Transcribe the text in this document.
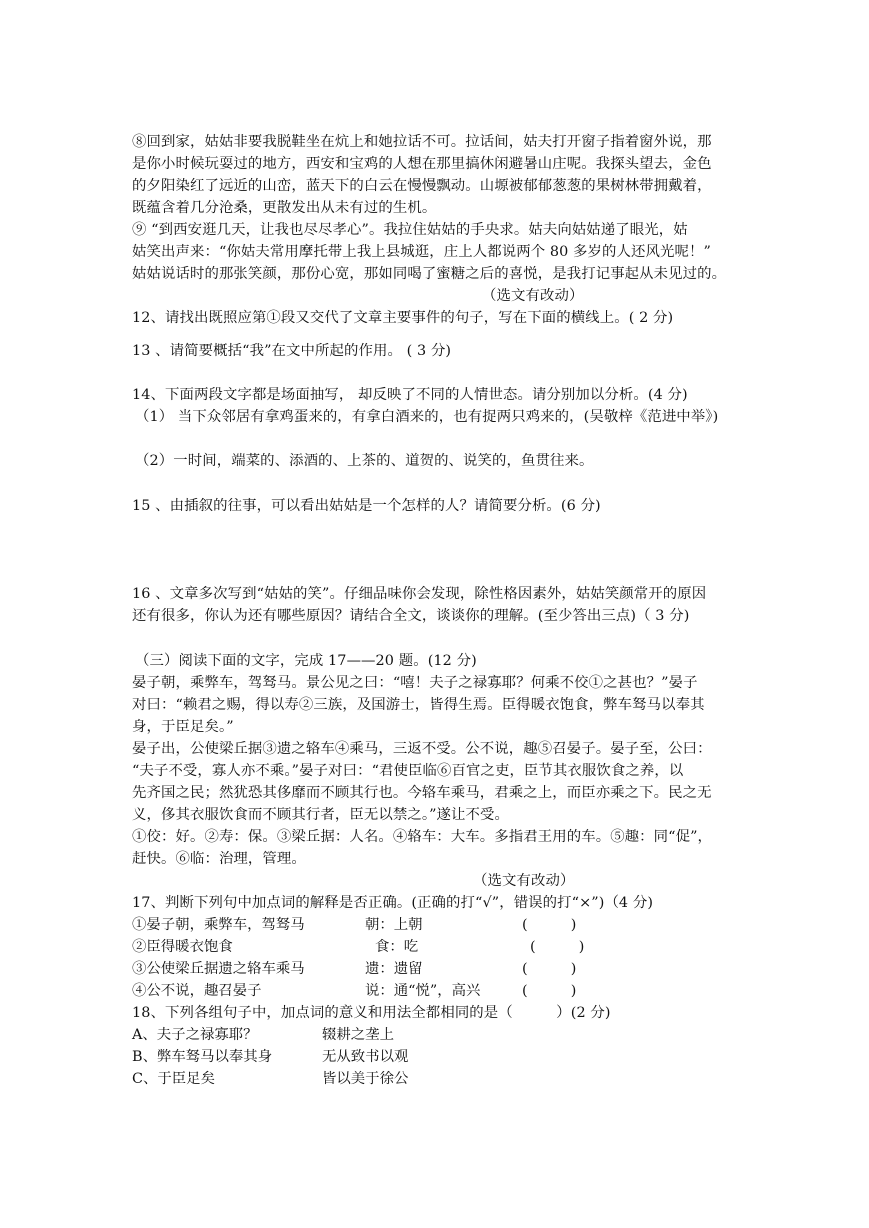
⑧回到家，姑姑非要我脱鞋坐在炕上和她拉话不可。拉话间，姑夫打开窗子指着窗外说，那
是你小时候玩耍过的地方，西安和宝鸡的人想在那里搞休闲避暑山庄呢。我探头望去，金色
的夕阳染红了远近的山峦，蓝天下的白云在慢慢飘动。山塬被郁郁葱葱的果树林带拥戴着，
既蕴含着几分沧桑，更散发出从未有过的生机。
⑨ “到西安逛几天，让我也尽尽孝心”。我拉住姑姑的手央求。姑夫向姑姑递了眼光，姑
姑笑出声来：“你姑夫常用摩托带上我上县城逛，庄上人都说两个 80 多岁的人还风光呢！”
姑姑说话时的那张笑颜，那份心宽，那如同喝了蜜糖之后的喜悦，是我打记事起从未见过的。
（选文有改动）
12、请找出既照应第①段又交代了文章主要事件的句子，写在下面的横线上。( 2 分)
13 、请简要概括“我”在文中所起的作用。 ( 3 分)
14、下面两段文字都是场面抽写， 却反映了不同的人情世态。请分别加以分析。(4 分)
（1） 当下众邻居有拿鸡蛋来的，有拿白酒来的，也有捉两只鸡来的，(吴敬梓《范进中举》)
（2）一时间，端菜的、添酒的、上茶的、道贺的、说笑的，鱼贯往来。
15 、由插叙的往事，可以看出姑姑是一个怎样的人？请简要分析。(6 分)
16 、文章多次写到“姑姑的笑”。仔细品味你会发现，除性格因素外，姑姑笑颜常开的原因
还有很多，你认为还有哪些原因？请结合全文，谈谈你的理解。(至少答出三点)（ 3 分)
（三）阅读下面的文字，完成 17——20 题。(12 分)
晏子朝，乘弊车，驾驽马。景公见之曰：“嘻！夫子之禄寡耶？何乘不佼①之甚也？”晏子
对曰：“赖君之赐，得以寿②三族，及国游士，皆得生焉。臣得暖衣饱食，弊车驽马以奉其
身，于臣足矣。”
晏子出，公使梁丘据③遗之辂车④乘马，三返不受。公不说，趣⑤召晏子。晏子至，公曰：
“夫子不受，寡人亦不乘。”晏子对曰：“君使臣临⑥百官之吏，臣节其衣服饮食之养，以
先齐国之民；然犹恐其侈靡而不顾其行也。今辂车乘马，君乘之上，而臣亦乘之下。民之无
义，侈其衣服饮食而不顾其行者，臣无以禁之。”遂让不受。
①佼：好。②寿：保。③梁丘据：人名。④辂车：大车。多指君王用的车。⑤趣：同“促”，
赶快。⑥临：治理，管理。
（选文有改动）
17、判断下列句中加点词的解释是否正确。(正确的打“√”，错误的打“×”)（4 分)
①晏子朝，乘弊车，驾驽马	朝：上朝	(　　　)
②臣得暖衣饱食	食：吃	(　　　)
③公使梁丘据遗之辂车乘马	遗：遗留	(　　　)
④公不说，趣召晏子	说：通“悦”，高兴	(　　　)
18、下列各组句子中，加点词的意义和用法全都相同的是（　　　）(2 分)
A、夫子之禄寡耶？	辍耕之垄上
B、弊车驽马以奉其身	无从致书以观
C、于臣足矣	皆以美于徐公
